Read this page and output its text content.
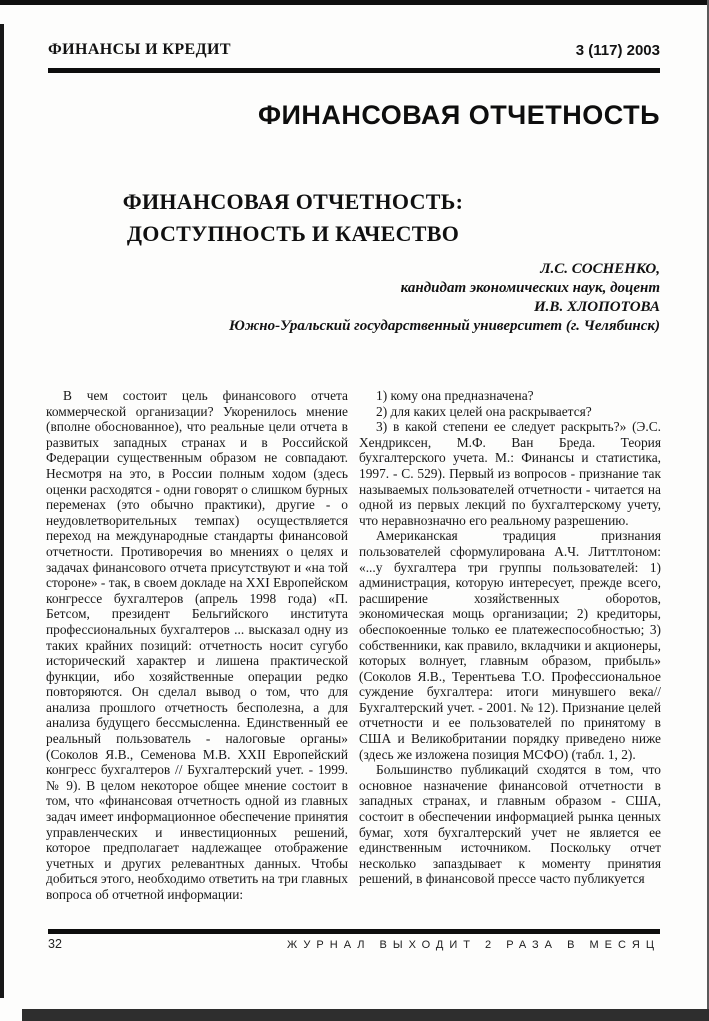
ФИНАНСЫ И КРЕДИТ	3 (117) 2003
ФИНАНСОВАЯ ОТЧЕТНОСТЬ
ФИНАНСОВАЯ ОТЧЕТНОСТЬ:
ДОСТУПНОСТЬ И КАЧЕСТВО
Л.С. СОСНЕНКО,
кандидат экономических наук, доцент
И.В. ХЛОПОТОВА
Южно-Уральский государственный университет (г. Челябинск)

В чем состоит цель финансового отчета коммерческой организации? Укоренилось мнение (вполне обоснованное), что реальные цели отчета в развитых западных странах и в Российской Федерации существенным образом не совпадают. Несмотря на это, в России полным ходом (здесь оценки расходятся - одни говорят о слишком бурных переменах (это обычно практики), другие - о неудовлетворительных темпах) осуществляется переход на международные стандарты финансовой отчетности. Противоречия во мнениях о целях и задачах финансового отчета присутствуют и «на той стороне» - так, в своем докладе на XXI Европейском конгрессе бухгалтеров (апрель 1998 года) «П. Бетсом, президент Бельгийского института профессиональных бухгалтеров ... высказал одну из таких крайних позиций: отчетность носит сугубо исторический характер и лишена практической функции, ибо хозяйственные операции редко повторяются. Он сделал вывод о том, что для анализа прошлого отчетность бесполезна, а для анализа будущего бессмысленна. Единственный ее реальный пользователь - налоговые органы» (Соколов Я.В., Семенова М.В. XXII Европейский конгресс бухгалтеров // Бухгалтерский учет. - 1999. № 9). В целом некоторое общее мнение состоит в том, что «финансовая отчетность одной из главных задач имеет информационное обеспечение принятия управленческих и инвестиционных решений, которое предполагает надлежащее отображение учетных и других релевантных данных. Чтобы добиться этого, необходимо ответить на три главных вопроса об отчетной информации:

1) кому она предназначена?

2) для каких целей она раскрывается?

3) в какой степени ее следует раскрыть?» (Э.С. Хендриксен, М.Ф. Ван Бреда. Теория бухгалтерского учета. М.: Финансы и статистика, 1997. - С. 529). Первый из вопросов - признание так называемых пользователей отчетности - читается на одной из первых лекций по бухгалтерскому учету, что неравнозначно его реальному разрешению.

Американская традиция признания пользователей сформулирована А.Ч. Литтлтоном: «...у бухгалтера три группы пользователей: 1) администрация, которую интересует, прежде всего, расширение хозяйственных оборотов, экономическая мощь организации; 2) кредиторы, обеспокоенные только ее платежеспособностью; 3) собственники, как правило, вкладчики и акционеры, которых волнует, главным образом, прибыль» (Соколов Я.В., Терентьева Т.О. Профессиональное суждение бухгалтера: итоги минувшего века// Бухгалтерский учет. - 2001. № 12). Признание целей отчетности и ее пользователей по принятому в США и Великобритании порядку приведено ниже (здесь же изложена позиция МСФО) (табл. 1, 2).

Большинство публикаций сходятся в том, что основное назначение финансовой отчетности в западных странах, и главным образом - США, состоит в обеспечении информацией рынка ценных бумаг, хотя бухгалтерский учет не является ее единственным источником. Поскольку отчет несколько запаздывает к моменту принятия решений, в финансовой прессе часто публикуется

32	ЖУРНАЛ ВЫХОДИТ 2 РАЗА В МЕСЯЦ
